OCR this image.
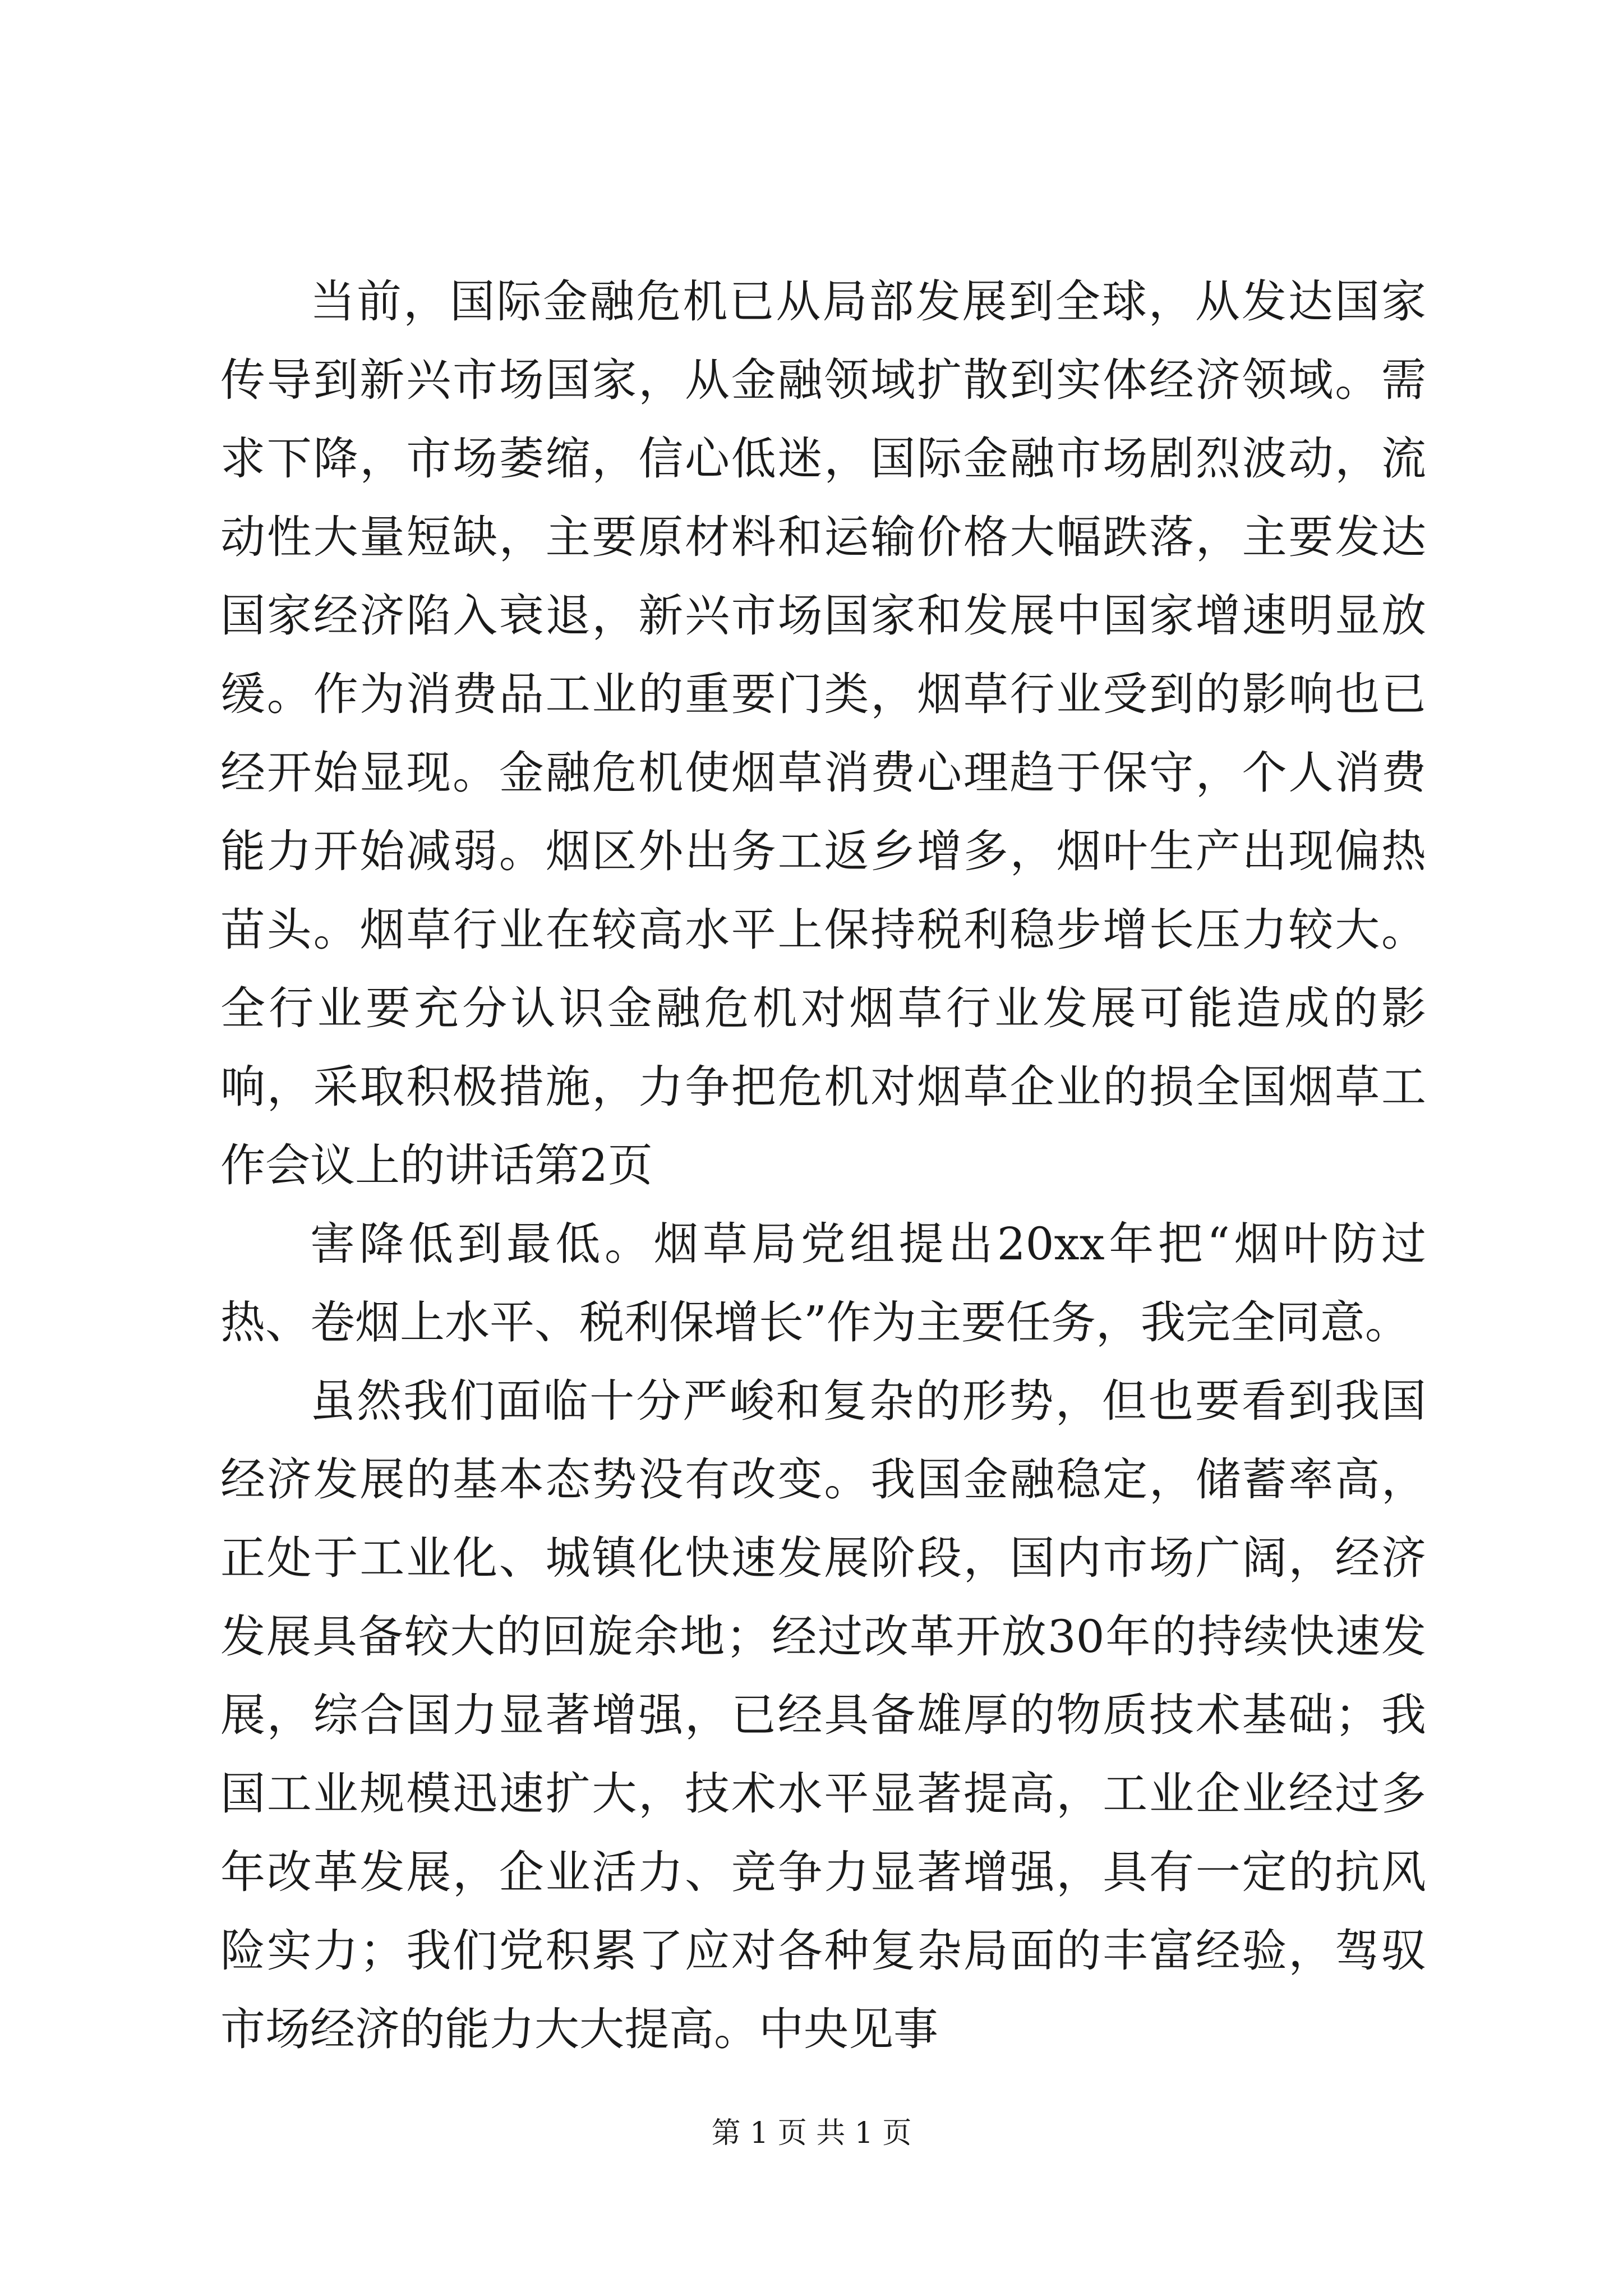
当前，国际金融危机已从局部发展到全球，从发达国家传导到新兴市场国家，从金融领域扩散到实体经济领域。需求下降，市场萎缩，信心低迷，国际金融市场剧烈波动，流动性大量短缺，主要原材料和运输价格大幅跌落，主要发达国家经济陷入衰退，新兴市场国家和发展中国家增速明显放缓。作为消费品工业的重要门类，烟草行业受到的影响也已经开始显现。金融危机使烟草消费心理趋于保守，个人消费能力开始减弱。烟区外出务工返乡增多，烟叶生产出现偏热苗头。烟草行业在较高水平上保持税利稳步增长压力较大。全行业要充分认识金融危机对烟草行业发展可能造成的影响，采取积极措施，力争把危机对烟草企业的损全国烟草工作会议上的讲话第2页

害降低到最低。烟草局党组提出20xx年把“烟叶防过热、卷烟上水平、税利保增长”作为主要任务，我完全同意。

虽然我们面临十分严峻和复杂的形势，但也要看到我国经济发展的基本态势没有改变。我国金融稳定，储蓄率高，正处于工业化、城镇化快速发展阶段，国内市场广阔，经济发展具备较大的回旋余地；经过改革开放30年的持续快速发展，综合国力显著增强，已经具备雄厚的物质技术基础；我国工业规模迅速扩大，技术水平显著提高，工业企业经过多年改革发展，企业活力、竞争力显著增强，具有一定的抗风险实力；我们党积累了应对各种复杂局面的丰富经验，驾驭市场经济的能力大大提高。中央见事

第 1 页 共 1 页
